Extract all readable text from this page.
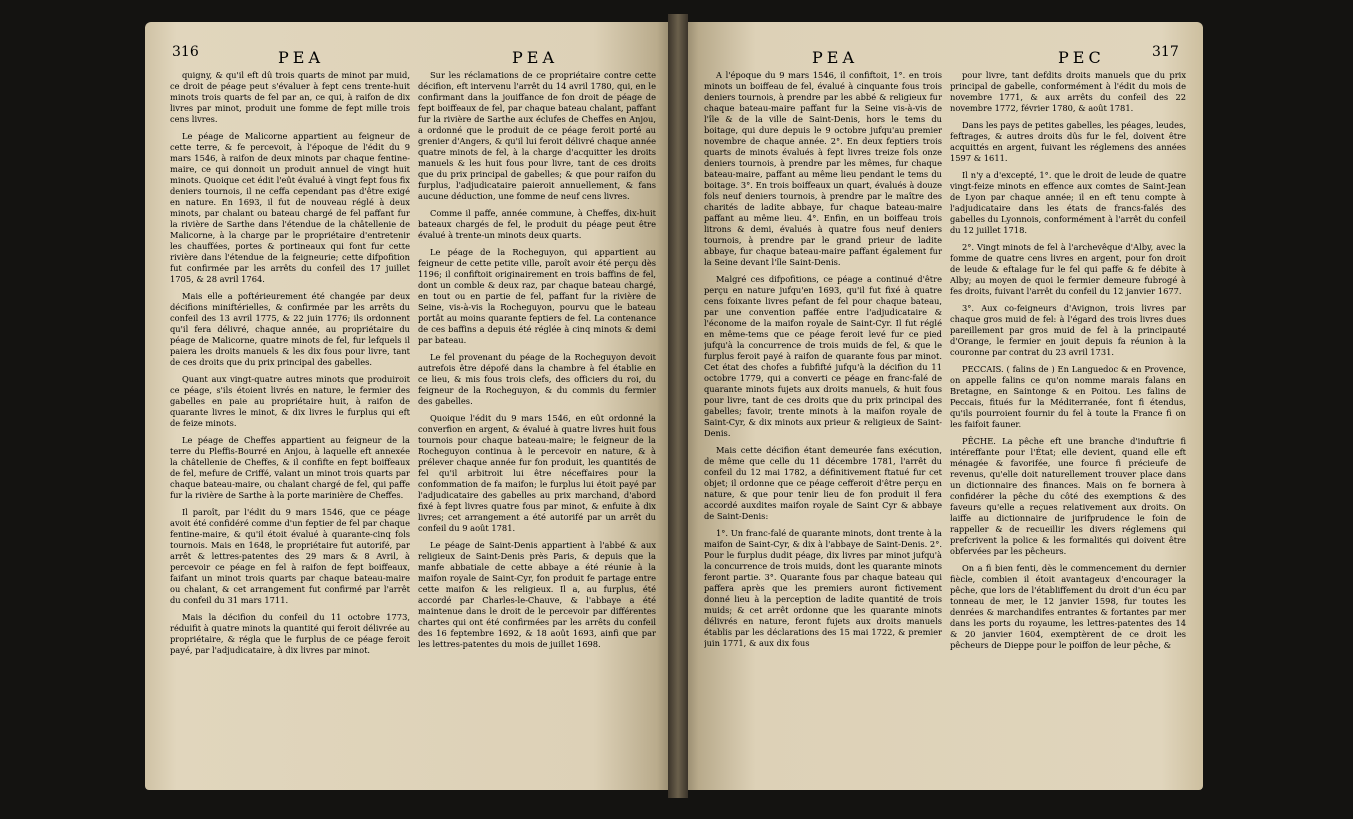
316	PEA	PEA	PEA	PEC	317

quigny, & qu'il eft dû trois quarts de minot par muid, ce droit de péage peut s'évaluer à fept cens trente-huit minots trois quarts de fel par an, ce qui, à raifon de dix livres par minot, produit une fomme de fept mille trois cens livres.

Le péage de Malicorne appartient au feigneur de cette terre, & fe percevoit, à l'époque de l'édit du 9 mars 1546, à raifon de deux minots par chaque fentine-maire, ce qui donnoit un produit annuel de vingt huit minots. Quoique cet édit l'eût évalué à vingt fept fous fix deniers tournois, il ne ceffa cependant pas d'être exigé en nature. En 1693, il fut de nouveau réglé à deux minots, par chalant ou bateau chargé de fel paffant fur la rivière de Sarthe dans l'étendue de la châtellenie de Malicorne, à la charge par le propriétaire d'entretenir les chauffées, portes & portineaux qui font fur cette rivière dans l'étendue de la feigneurie; cette difpofition fut confirmée par les arrêts du confeil des 17 juillet 1705, & 28 avril 1764.

Mais elle a poftérieurement été changée par deux décifions miniftérielles, & confirmée par les arrêts du confeil des 13 avril 1775, & 22 juin 1776; ils ordonnent qu'il fera délivré, chaque année, au propriétaire du péage de Malicorne, quatre minots de fel, fur lefquels il paiera les droits manuels & les dix fous pour livre, tant de ces droits que du prix principal des gabelles.

Quant aux vingt-quatre autres minots que produiroit ce péage, s'ils étoient livrés en nature, le fermier des gabelles en paie au propriétaire huit, à raifon de quarante livres le minot, & dix livres le furplus qui eft de feize minots.

Le péage de Cheffes appartient au feigneur de la terre du Pleffis-Bourré en Anjou, à laquelle eft annexée la châtellenie de Cheffes, & il confifte en fept boiffeaux de fel, mefure de Criffé, valant un minot trois quarts par chaque bateau-maire, ou chalant chargé de fel, qui paffe fur la rivière de Sarthe à la porte marinière de Cheffes.

Il paroît, par l'édit du 9 mars 1546, que ce péage avoit été confidéré comme d'un feptier de fel par chaque fentine-maire, & qu'il étoit évalué à quarante-cinq fols tournois. Mais en 1648, le propriétaire fut autorifé, par arrêt & lettres-patentes des 29 mars & 8 Avril, à percevoir ce péage en fel à raifon de fept boiffeaux, faifant un minot trois quarts par chaque bateau-maire ou chalant, & cet arrangement fut confirmé par l'arrêt du confeil du 31 mars 1711.

Mais la décifion du confeil du 11 octobre 1773, réduifit à quatre minots la quantité qui feroit délivrée au propriétaire, & régla que le furplus de ce péage feroit payé, par l'adjudicataire, à dix livres par minot.

Sur les réclamations de ce propriétaire contre cette décifion, eft intervenu l'arrêt du 14 avril 1780, qui, en le confirmant dans la jouiffance de fon droit de péage de fept boiffeaux de fel, par chaque bateau chalant, paffant fur la rivière de Sarthe aux éclufes de Cheffes en Anjou, a ordonné que le produit de ce péage feroit porté au grenier d'Angers, & qu'il lui feroit délivré chaque année quatre minots de fel, à la charge d'acquitter les droits manuels & les huit fous pour livre, tant de ces droits que du prix principal de gabelles; & que pour raifon du furplus, l'adjudicataire paieroit annuellement, & fans aucune déduction, une fomme de neuf cens livres.

Comme il paffe, année commune, à Cheffes, dix-huit bateaux chargés de fel, le produit du péage peut être évalué à trente-un minots deux quarts.

Le péage de la Rocheguyon, qui appartient au feigneur de cette petite ville, paroît avoir été perçu dès 1196; il confiftoit originairement en trois baffins de fel, dont un comble & deux raz, par chaque bateau chargé, en tout ou en partie de fel, paffant fur la rivière de Seine, vis-à-vis la Rocheguyon, pourvu que le bateau portât au moins quarante feptiers de fel. La contenance de ces baffins a depuis été réglée à cinq minots & demi par bateau.

Le fel provenant du péage de la Rocheguyon devoit autrefois être dépofé dans la chambre à fel établie en ce lieu, & mis fous trois clefs, des officiers du roi, du feigneur de la Rocheguyon, & du commis du fermier des gabelles.

Quoique l'édit du 9 mars 1546, en eût ordonné la converfion en argent, & évalué à quatre livres huit fous tournois pour chaque bateau-maire; le feigneur de la Rocheguyon continua à le percevoir en nature, & à prélever chaque année fur fon produit, les quantités de fel qu'il arbitroit lui être néceffaires pour la confommation de fa maifon; le furplus lui étoit payé par l'adjudicataire des gabelles au prix marchand, d'abord fixé à fept livres quatre fous par minot, & enfuite à dix livres; cet arrangement a été autorifé par un arrêt du confeil du 9 août 1781.

Le péage de Saint-Denis appartient à l'abbé & aux religieux de Saint-Denis près Paris, & depuis que la manfe abbatiale de cette abbaye a été réunie à la maifon royale de Saint-Cyr, fon produit fe partage entre cette maifon & les religieux. Il a, au furplus, été accordé par Charles-le-Chauve, & l'abbaye a été maintenue dans le droit de le percevoir par différentes chartes qui ont été confirmées par les arrêts du confeil des 16 feptembre 1692, & 18 août 1693, ainfi que par les lettres-patentes du mois de juillet 1698.

A l'époque du 9 mars 1546, il confiftoit, 1°. en trois minots un boiffeau de fel, évalué à cinquante fous trois deniers tournois, à prendre par les abbé & religieux fur chaque bateau-maire paffant fur la Seine vis-à-vis de l'île & de la ville de Saint-Denis, hors le tems du boitage, qui dure depuis le 9 octobre jufqu'au premier novembre de chaque année. 2°. En deux feptiers trois quarts de minots évalués à fept livres treize fols onze deniers tournois, à prendre par les mêmes, fur chaque bateau-maire, paffant au même lieu pendant le tems du boitage. 3°. En trois boiffeaux un quart, évalués à douze fols neuf deniers tournois, à prendre par le maître des charités de ladite abbaye, fur chaque bateau-maire paffant au même lieu. 4°. Enfin, en un boiffeau trois litrons & demi, évalués à quatre fous neuf deniers tournois, à prendre par le grand prieur de ladite abbaye, fur chaque bateau-maire paffant également fur la Seine devant l'île Saint-Denis.

Malgré ces difpofitions, ce péage a continué d'être perçu en nature jufqu'en 1693, qu'il fut fixé à quatre cens foixante livres pefant de fel pour chaque bateau, par une convention paffée entre l'adjudicataire & l'économe de la maifon royale de Saint-Cyr. Il fut réglé en même-tems que ce péage feroit levé fur ce pied jufqu'à la concurrence de trois muids de fel, & que le furplus feroit payé à raifon de quarante fous par minot. Cet état des chofes a fubfifté jufqu'à la décifion du 11 octobre 1779, qui a converti ce péage en franc-falé de quarante minots fujets aux droits manuels, & huit fous pour livre, tant de ces droits que du prix principal des gabelles; favoir, trente minots à la maifon royale de Saint-Cyr, & dix minots aux prieur & religieux de Saint-Denis.

Mais cette décifion étant demeurée fans exécution, de même que celle du 11 décembre 1781, l'arrêt du confeil du 12 mai 1782, a définitivement ftatué fur cet objet; il ordonne que ce péage cefferoit d'être perçu en nature, & que pour tenir lieu de fon produit il fera accordé auxdites maifon royale de Saint Cyr & abbaye de Saint-Denis:

1°. Un franc-falé de quarante minots, dont trente à la maifon de Saint-Cyr, & dix à l'abbaye de Saint-Denis. 2°. Pour le furplus dudit péage, dix livres par minot jufqu'à la concurrence de trois muids, dont les quarante minots feront partie. 3°. Quarante fous par chaque bateau qui paffera après que les premiers auront fictivement donné lieu à la perception de ladite quantité de trois muids; & cet arrêt ordonne que les quarante minots délivrés en nature, feront fujets aux droits manuels établis par les déclarations des 15 mai 1722, & premier juin 1771, & aux dix fous

pour livre, tant defdits droits manuels que du prix principal de gabelle, conformément à l'édit du mois de novembre 1771, & aux arrêts du confeil des 22 novembre 1772, février 1780, & août 1781.

Dans les pays de petites gabelles, les péages, leudes, feftrages, & autres droits dûs fur le fel, doivent être acquittés en argent, fuivant les réglemens des années 1597 & 1611.

Il n'y a d'excepté, 1°. que le droit de leude de quatre vingt-feize minots en effence aux comtes de Saint-Jean de Lyon par chaque année; il en eft tenu compte à l'adjudicataire dans les états de francs-falés des gabelles du Lyonnois, conformément à l'arrêt du confeil du 12 juillet 1718.

2°. Vingt minots de fel à l'archevêque d'Alby, avec la fomme de quatre cens livres en argent, pour fon droit de leude & eftalage fur le fel qui paffe & fe débite à Alby; au moyen de quoi le fermier demeure fubrogé à fes droits, fuivant l'arrêt du confeil du 12 janvier 1677.

3°. Aux co-feigneurs d'Avignon, trois livres par chaque gros muid de fel: à l'égard des trois livres dues pareillement par gros muid de fel à la principauté d'Orange, le fermier en jouit depuis fa réunion à la couronne par contrat du 23 avril 1731.

PECCAIS. ( falins de ) En Languedoc & en Provence, on appelle falins ce qu'on nomme marais falans en Bretagne, en Saintonge & en Poitou. Les falins de Peccais, fitués fur la Méditerranée, font fi étendus, qu'ils pourroient fournir du fel à toute la France fi on les faifoit fauner.

PÊCHE. La pêche eft une branche d'induftrie fi intéreffante pour l'État; elle devient, quand elle eft ménagée & favorifée, une fource fi précieufe de revenus, qu'elle doit naturellement trouver place dans un dictionnaire des finances. Mais on fe bornera à confidérer la pêche du côté des exemptions & des faveurs qu'elle a reçues relativement aux droits. On laiffe au dictionnaire de jurifprudence le foin de rappeller & de recueillir les divers réglemens qui prefcrivent la police & les formalités qui doivent être obfervées par les pêcheurs.

On a fi bien fenti, dès le commencement du dernier fiècle, combien il étoit avantageux d'encourager la pêche, que lors de l'établiffement du droit d'un écu par tonneau de mer, le 12 janvier 1598, fur toutes les denrées & marchandifes entrantes & fortantes par mer dans les ports du royaume, les lettres-patentes des 14 & 20 janvier 1604, exemptèrent de ce droit les pêcheurs de Dieppe pour le poiffon de leur pêche, &
